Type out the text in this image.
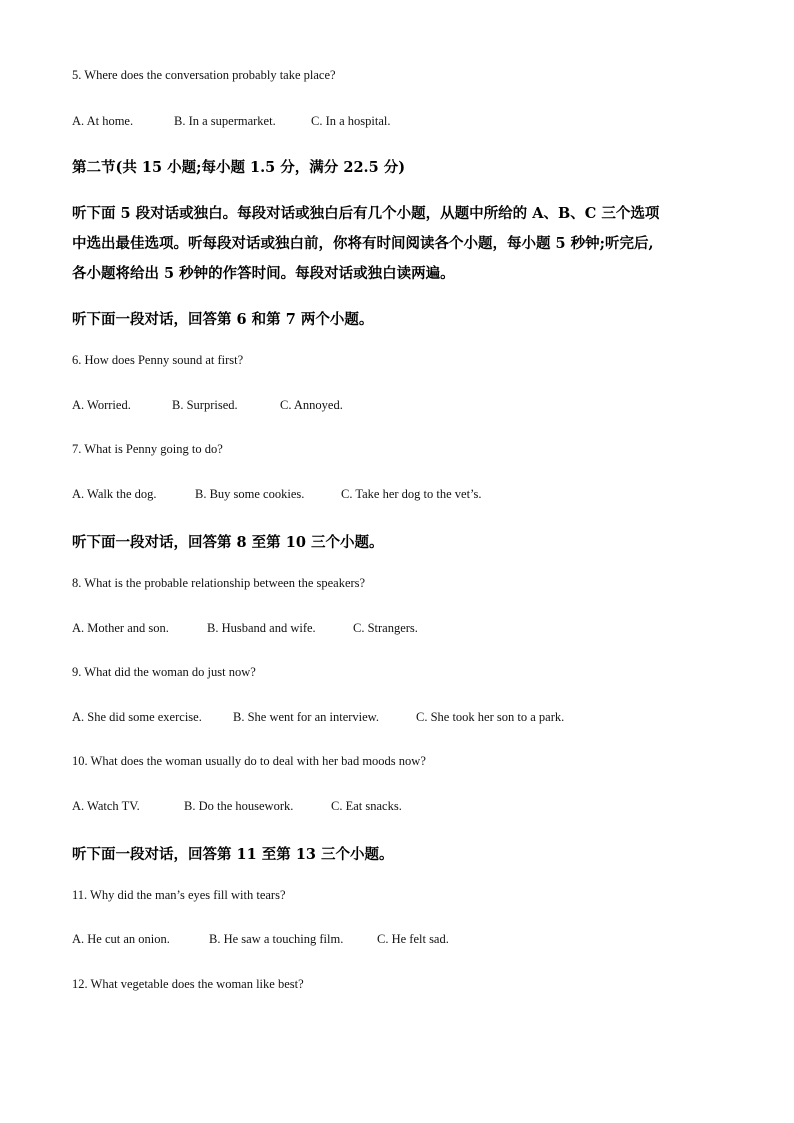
5. Where does the conversation probably take place?
A. At home.	B. In a supermarket.	C. In a hospital.
第二节(共 15 小题;每小题 1.5 分，满分 22.5 分)
听下面 5 段对话或独白。每段对话或独白后有几个小题，从题中所给的 A、B、C 三个选项
中选出最佳选项。听每段对话或独白前，你将有时间阅读各个小题，每小题 5 秒钟;听完后,
各小题将给出 5 秒钟的作答时间。每段对话或独白读两遍。
听下面一段对话，回答第 6 和第 7 两个小题。
6. How does Penny sound at first?
A. Worried.	B. Surprised.	C. Annoyed.
7. What is Penny going to do?
A. Walk the dog.	B. Buy some cookies.	C. Take her dog to the vet’s.
听下面一段对话，回答第 8 至第 10 三个小题。
8. What is the probable relationship between the speakers?
A. Mother and son.	B. Husband and wife.	C. Strangers.
9. What did the woman do just now?
A. She did some exercise. B. She went for an interview.	C. She took her son to a park.
10. What does the woman usually do to deal with her bad moods now?
A. Watch TV.	B. Do the housework.	C. Eat snacks.
听下面一段对话，回答第 11 至第 13 三个小题。
11. Why did the man’s eyes fill with tears?
A. He cut an onion.	B. He saw a touching film.	C. He felt sad.
12. What vegetable does the woman like best?
